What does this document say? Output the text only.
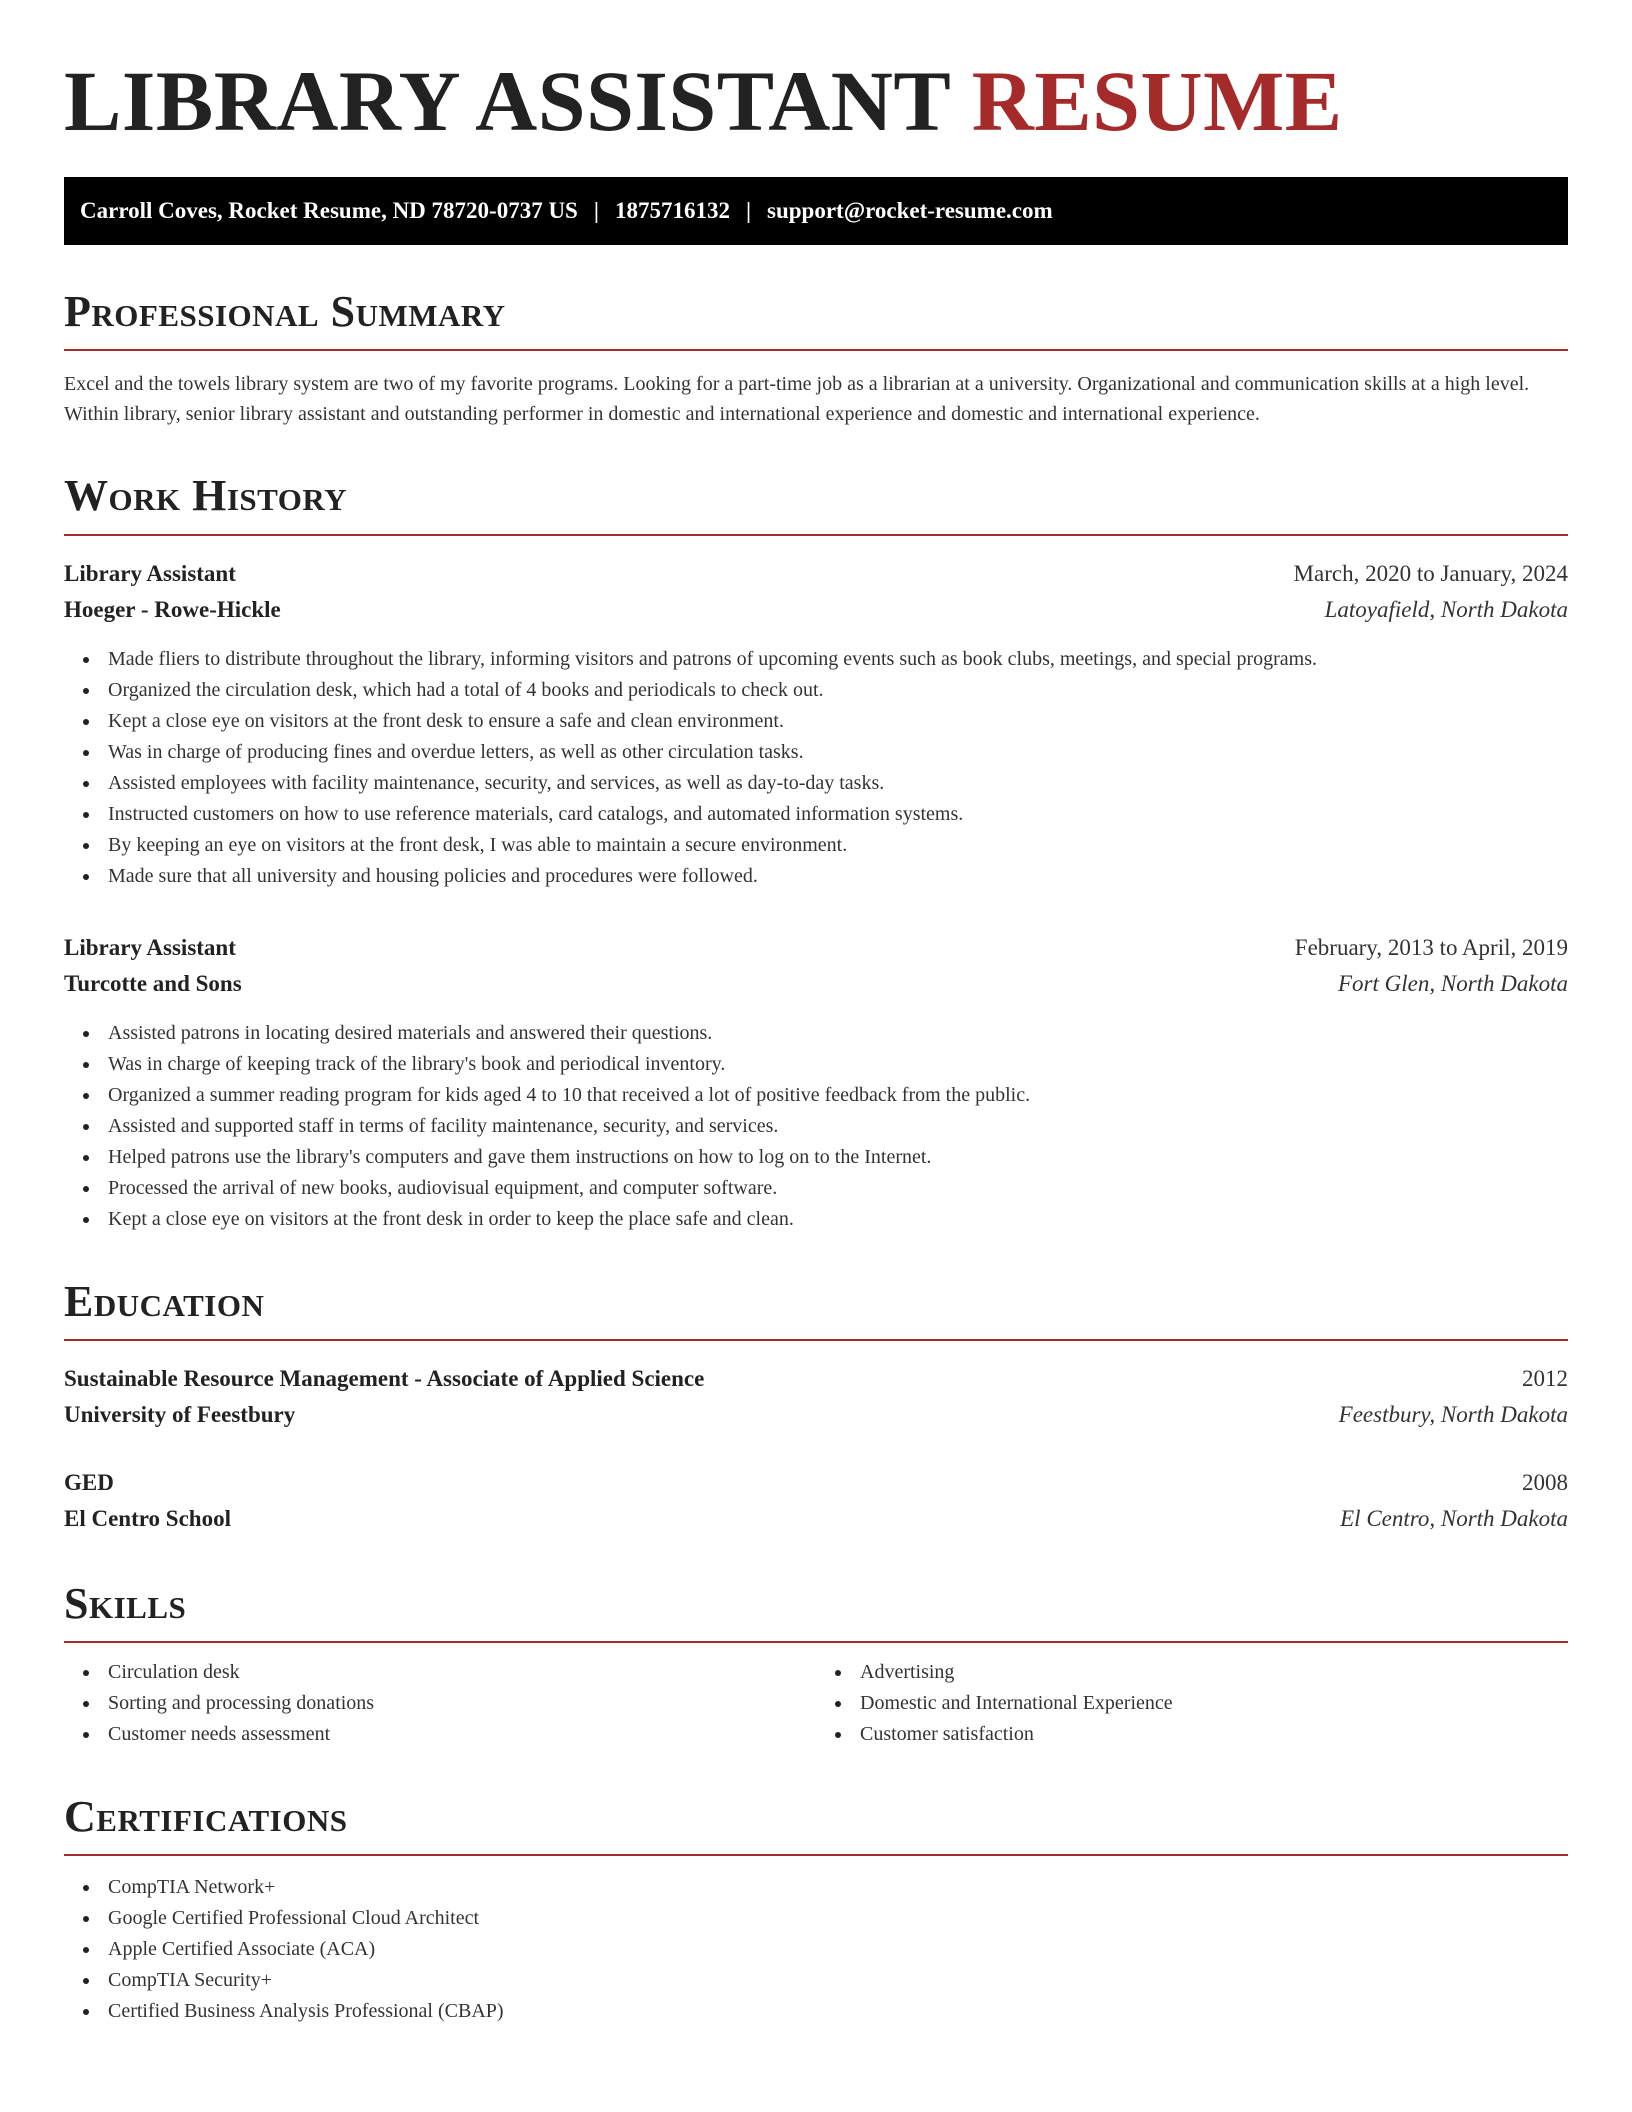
LIBRARY ASSISTANT RESUME
Carroll Coves, Rocket Resume, ND 78720-0737 US | 1875716132 | support@rocket-resume.com
Professional Summary

Excel and the towels library system are two of my favorite programs. Looking for a part-time job as a librarian at a university. Organizational and communication skills at a high level. Within library, senior library assistant and outstanding performer in domestic and international experience and domestic and international experience.

Work History
Library Assistant	March, 2020 to January, 2024
Hoeger - Rowe-Hickle	Latoyafield, North Dakota
Made fliers to distribute throughout the library, informing visitors and patrons of upcoming events such as book clubs, meetings, and special programs.
Organized the circulation desk, which had a total of 4 books and periodicals to check out.
Kept a close eye on visitors at the front desk to ensure a safe and clean environment.
Was in charge of producing fines and overdue letters, as well as other circulation tasks.
Assisted employees with facility maintenance, security, and services, as well as day-to-day tasks.
Instructed customers on how to use reference materials, card catalogs, and automated information systems.
By keeping an eye on visitors at the front desk, I was able to maintain a secure environment.
Made sure that all university and housing policies and procedures were followed.
Library Assistant	February, 2013 to April, 2019
Turcotte and Sons	Fort Glen, North Dakota
Assisted patrons in locating desired materials and answered their questions.
Was in charge of keeping track of the library's book and periodical inventory.
Organized a summer reading program for kids aged 4 to 10 that received a lot of positive feedback from the public.
Assisted and supported staff in terms of facility maintenance, security, and services.
Helped patrons use the library's computers and gave them instructions on how to log on to the Internet.
Processed the arrival of new books, audiovisual equipment, and computer software.
Kept a close eye on visitors at the front desk in order to keep the place safe and clean.
Education
Sustainable Resource Management - Associate of Applied Science	2012
University of Feestbury	Feestbury, North Dakota
GED	2008
El Centro School	El Centro, North Dakota
Skills
Circulation desk
Sorting and processing donations
Customer needs assessment
Advertising
Domestic and International Experience
Customer satisfaction
Certifications
CompTIA Network+
Google Certified Professional Cloud Architect
Apple Certified Associate (ACA)
CompTIA Security+
Certified Business Analysis Professional (CBAP)
